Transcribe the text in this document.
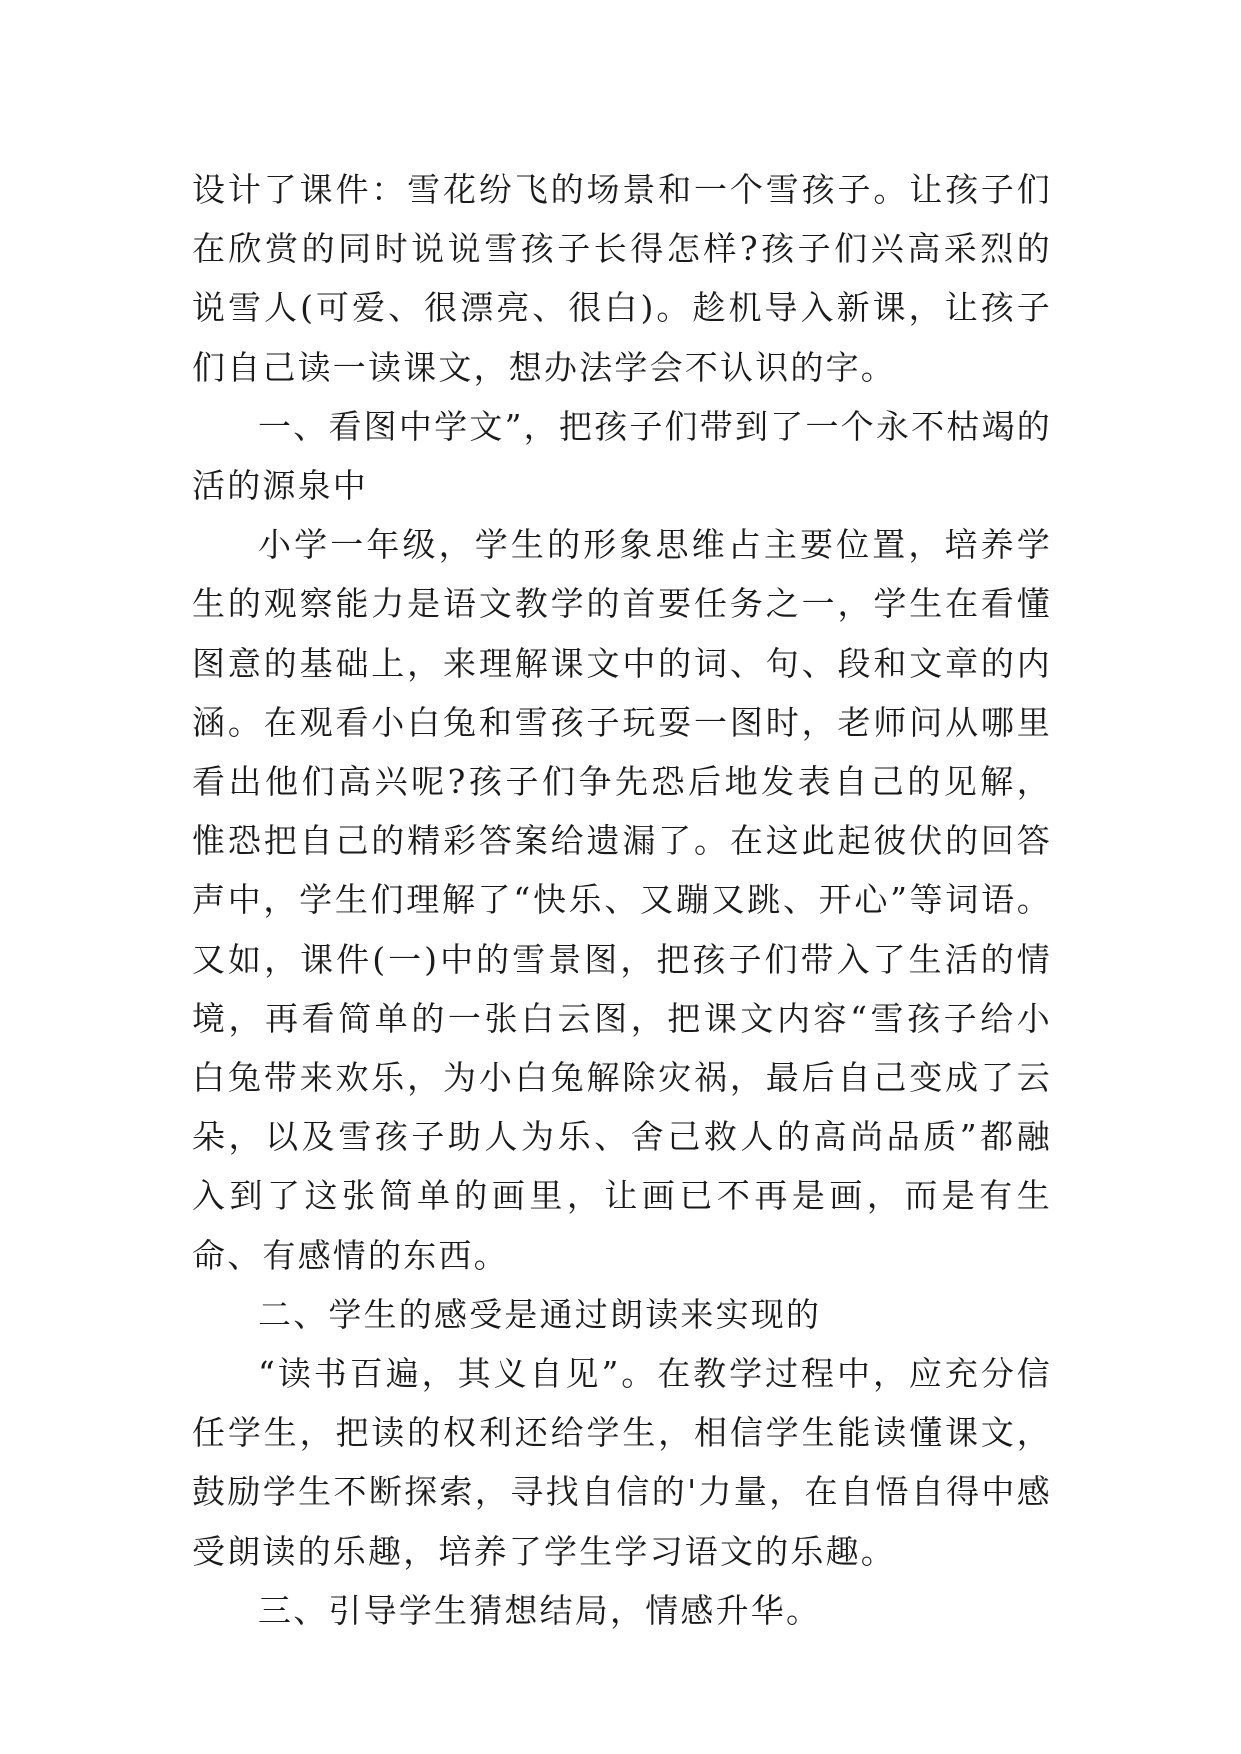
设计了课件：雪花纷飞的场景和一个雪孩子。让孩子们在欣赏的同时说说雪孩子长得怎样?孩子们兴高采烈的说雪人(可爱、很漂亮、很白)。趁机导入新课，让孩子们自己读一读课文，想办法学会不认识的字。

一、看图中学文”，把孩子们带到了一个永不枯竭的活的源泉中

小学一年级，学生的形象思维占主要位置，培养学生的观察能力是语文教学的首要任务之一，学生在看懂图意的基础上，来理解课文中的词、句、段和文章的内涵。在观看小白兔和雪孩子玩耍一图时，老师问从哪里看出他们高兴呢?孩子们争先恐后地发表自己的见解，惟恐把自己的精彩答案给遗漏了。在这此起彼伏的回答声中，学生们理解了“快乐、又蹦又跳、开心”等词语。又如，课件(一)中的雪景图，把孩子们带入了生活的情境，再看简单的一张白云图，把课文内容“雪孩子给小白兔带来欢乐，为小白兔解除灾祸，最后自己变成了云朵，以及雪孩子助人为乐、舍己救人的高尚品质”都融入到了这张简单的画里，让画已不再是画，而是有生命、有感情的东西。

二、学生的感受是通过朗读来实现的

“读书百遍，其义自见”。在教学过程中，应充分信任学生，把读的权利还给学生，相信学生能读懂课文，鼓励学生不断探索，寻找自信的'力量，在自悟自得中感受朗读的乐趣，培养了学生学习语文的乐趣。

三、引导学生猜想结局，情感升华。
